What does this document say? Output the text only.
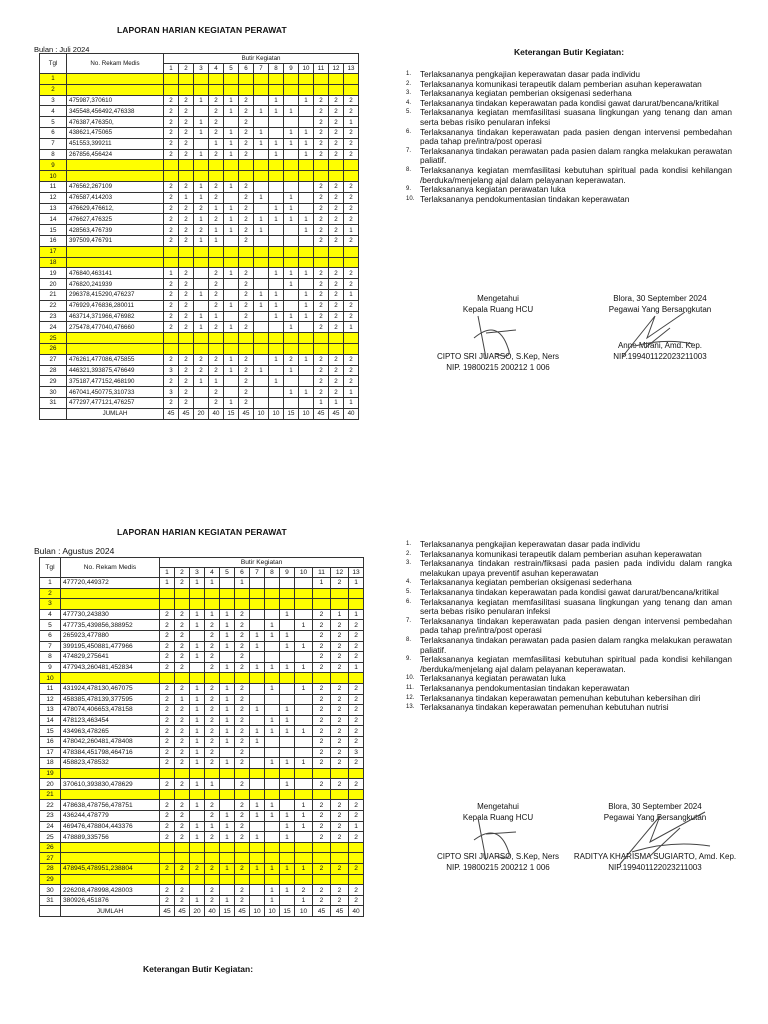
LAPORAN HARIAN KEGIATAN PERAWAT
Bulan : Juli 2024
Tgl	No. Rekam Medis	Butir Kegiatan												
		1	2	3	4	5	6	7	8	9	10	11	12	13
1														
2														
3	475987,370610	2	2	1	2	1	2		1		1	2	2	2
4	345548,456492,476338	2	2		2	1	2	1	1	1		2	2	2
5	476387,476350,	2	2	1	2		2					2	2	1
6	438621,475065	2	2	1	2	1	2	1		1	1	2	2	2
7	451553,399211	2	2		1	1	2	1	1	1	1	2	2	2
8	267856,456424	2	2	1	2	1	2		1		1	2	2	2
9														
10														
11	476562,267109	2	2	1	2	1	2					2	2	2
12	476587,414203	2	1	1	2		2	1		1		2	2	2
13	476629,476612,	2	2	2	1	1	2		1	1		2	2	2
14	476627,476325	2	2	1	2	1	2	1	1	1	1	2	2	2
15	428563,476739	2	2	2	1	1	2	1			1	2	2	1
16	397509,476791	2	2	1	1		2					2	2	2
17														
18														
19	476840,463141	1	2		2	1	2		1	1	1	2	2	2
20	476820,241939	2	2		2		2			1		2	2	2
21	296378,415290,476237	2	2	1	2		2	1	1		1	2	2	1
22	476929,476836,280011	2	2		2	1	2	1	1		1	2	2	2
23	463714,371966,476982	2	2	1	1		2		1	1	1	2	2	2
24	275478,477040,476660	2	2	1	2	1	2			1		2	2	1
25														
26														
27	476261,477086,475855	2	2	2	2	1	2		1	2	1	2	2	2
28	446321,393875,476649	3	2	2	2	1	2	1		1		2	2	2
29	375187,477152,468190	2	2	1	1		2		1			2	2	2
30	467041,450775,310733	3	2		2		2			1	1	2	2	1
31	477297,477121,476257	2	2		2	1	2					1	1	1
	JUMLAH	45	45	20	40	15	45	10	10	15	10	45	45	40
Keterangan Butir Kegiatan:
1.	Terlaksananya pengkajian keperawatan dasar pada individu
2.	Terlaksananya komunikasi terapeutik dalam pemberian asuhan keperawatan
3.	Terlaksananya kegiatan pemberian oksigenasi sederhana
4.	Terlaksananya tindakan keperawatan pada kondisi gawat darurat/bencana/kritikal
5.	Terlaksananya kegiatan memfasilitasi suasana lingkungan yang tenang dan aman serta bebas risiko penularan infeksi
6.	Terlaksananya tindakan keperawatan pada pasien dengan intervensi pembedahan pada tahap pre/intra/post operasi
7.	Terlaksananya tindakan perawatan pada pasien dalam rangka melakukan perawatan paliatif.
8.	Terlaksananya kegiatan memfasilitasi kebutuhan spiritual pada kondisi kehilangan /berduka/menjelang ajal dalam pelayanan keperawatan.
9.	Terlaksananya kegiatan perawatan luka
10. Terlaksananya pendokumentasian tindakan keperawatan
Mengetahui
Kepala Ruang HCU
CIPTO SRI JUARSO, S.Kep, Ners
NIP. 19800215 200212 1 006
Blora, 30 September 2024
Pegawai Yang Bersangkutan
Anne Mirani, Amd. Kep.
NIP.199401122023211003
LAPORAN HARIAN KEGIATAN PERAWAT
Bulan : Agustus 2024
Tgl	No. Rekam Medis	Butir Kegiatan												
		1	2	3	4	5	6	7	8	9	10	11	12	13
1	477720,449372	1	2	1	1		1					1	2	1
2														
3														
4	477730,243830	2	2	1	1	1	2			1		2	1	1
5	477735,439856,388952	2	2	1	2	1	2		1		1	2	2	2
6	265923,477880	2	2		2	1	2	1	1	1		2	2	2
7	399195,450881,477966	2	2	1	2	1	2	1		1	1	2	2	2
8	474829,275641	2	2	1	2		2					2	2	2
9	477943,260481,452834	2	2		2	1	2	1	1	1	1	2	2	1
10														
11	431924,478130,467075	2	2	1	2	1	2		1		1	2	2	2
12	458385,478139,377595	2	1	1	2	1	2					2	2	2
13	478074,406653,478158	2	2	1	2	1	2	1		1		2	2	2
14	478123,463454	2	2	1	2	1	2		1	1		2	2	2
15	434963,478265	2	2	1	2	1	2	1	1	1	1	2	2	2
16	478042,260481,478408	2	2	1	2	1	2	1				2	2	2
17	478384,451798,464716	2	2	1	2		2					2	2	3
18	458823,478532	2	2	1	2	1	2		1	1	1	2	2	2
19														
20	370610,393830,478629	2	2	1	1		2			1		2	2	2
21														
22	478638,478756,478751	2	2	1	2		2	1	1		1	2	2	2
23	436244,478779	2	2		2	1	2	1	1	1	1	2	2	2
24	469476,478804,443376	2	2	1	1	1	2			1	1	2	2	1
25	478889,335756	2	2	1	2	1	2	1		1		2	2	2
26														
27														
28	478945,478951,238804	2	2	2	2	1	2	1	1	1	1	2	2	2
29														
30	226208,478998,428003	2	2		2		2		1	1	2	2	2	2
31	380926,451876	2	2	1	2	1	2		1		1	2	2	2
	JUMLAH	45	45	20	40	15	45	10	10	15	10	45	45	40
1.	Terlaksananya pengkajian keperawatan dasar pada individu
2.	Terlaksananya komunikasi terapeutik dalam pemberian asuhan keperawatan
3.	Terlaksananya tindakan restrain/fiksasi pada pasien pada individu dalam rangka melakukan upaya preventif asuhan keperawatan
4.	Terlaksananya kegiatan pemberian oksigenasi sederhana
5.	Terlaksananya tindakan keperawatan pada kondisi gawat darurat/bencana/kritikal
6.	Terlaksananya kegiatan memfasilitasi suasana lingkungan yang tenang dan aman serta bebas risiko penularan infeksi
7.	Terlaksananya tindakan keperawatan pada pasien dengan intervensi pembedahan pada tahap pre/intra/post operasi
8.	Terlaksananya tindakan perawatan pada pasien dalam rangka melakukan perawatan paliatif.
9.	Terlaksananya kegiatan memfasilitasi kebutuhan spiritual pada kondisi kehilangan /berduka/menjelang ajal dalam pelayanan keperawatan.
10. Terlaksananya kegiatan perawatan luka
11. Terlaksananya pendokumentasian tindakan keperawatan
12. Terlaksananya tindakan keperawatan pemenuhan kebutuhan kebersihan diri
13. Terlaksananya tindakan keperawatan pemenuhan kebutuhan nutrisi
Mengetahui
Kepala Ruang HCU
CIPTO SRI JUARSO, S.Kep, Ners
NIP. 19800215 200212 1 006
Blora, 30 September 2024
Pegawai Yang Bersangkutan
RADITYA KHARISMA SUGIARTO, Amd. Kep.
NIP.199401122023211003
Keterangan Butir Kegiatan:
